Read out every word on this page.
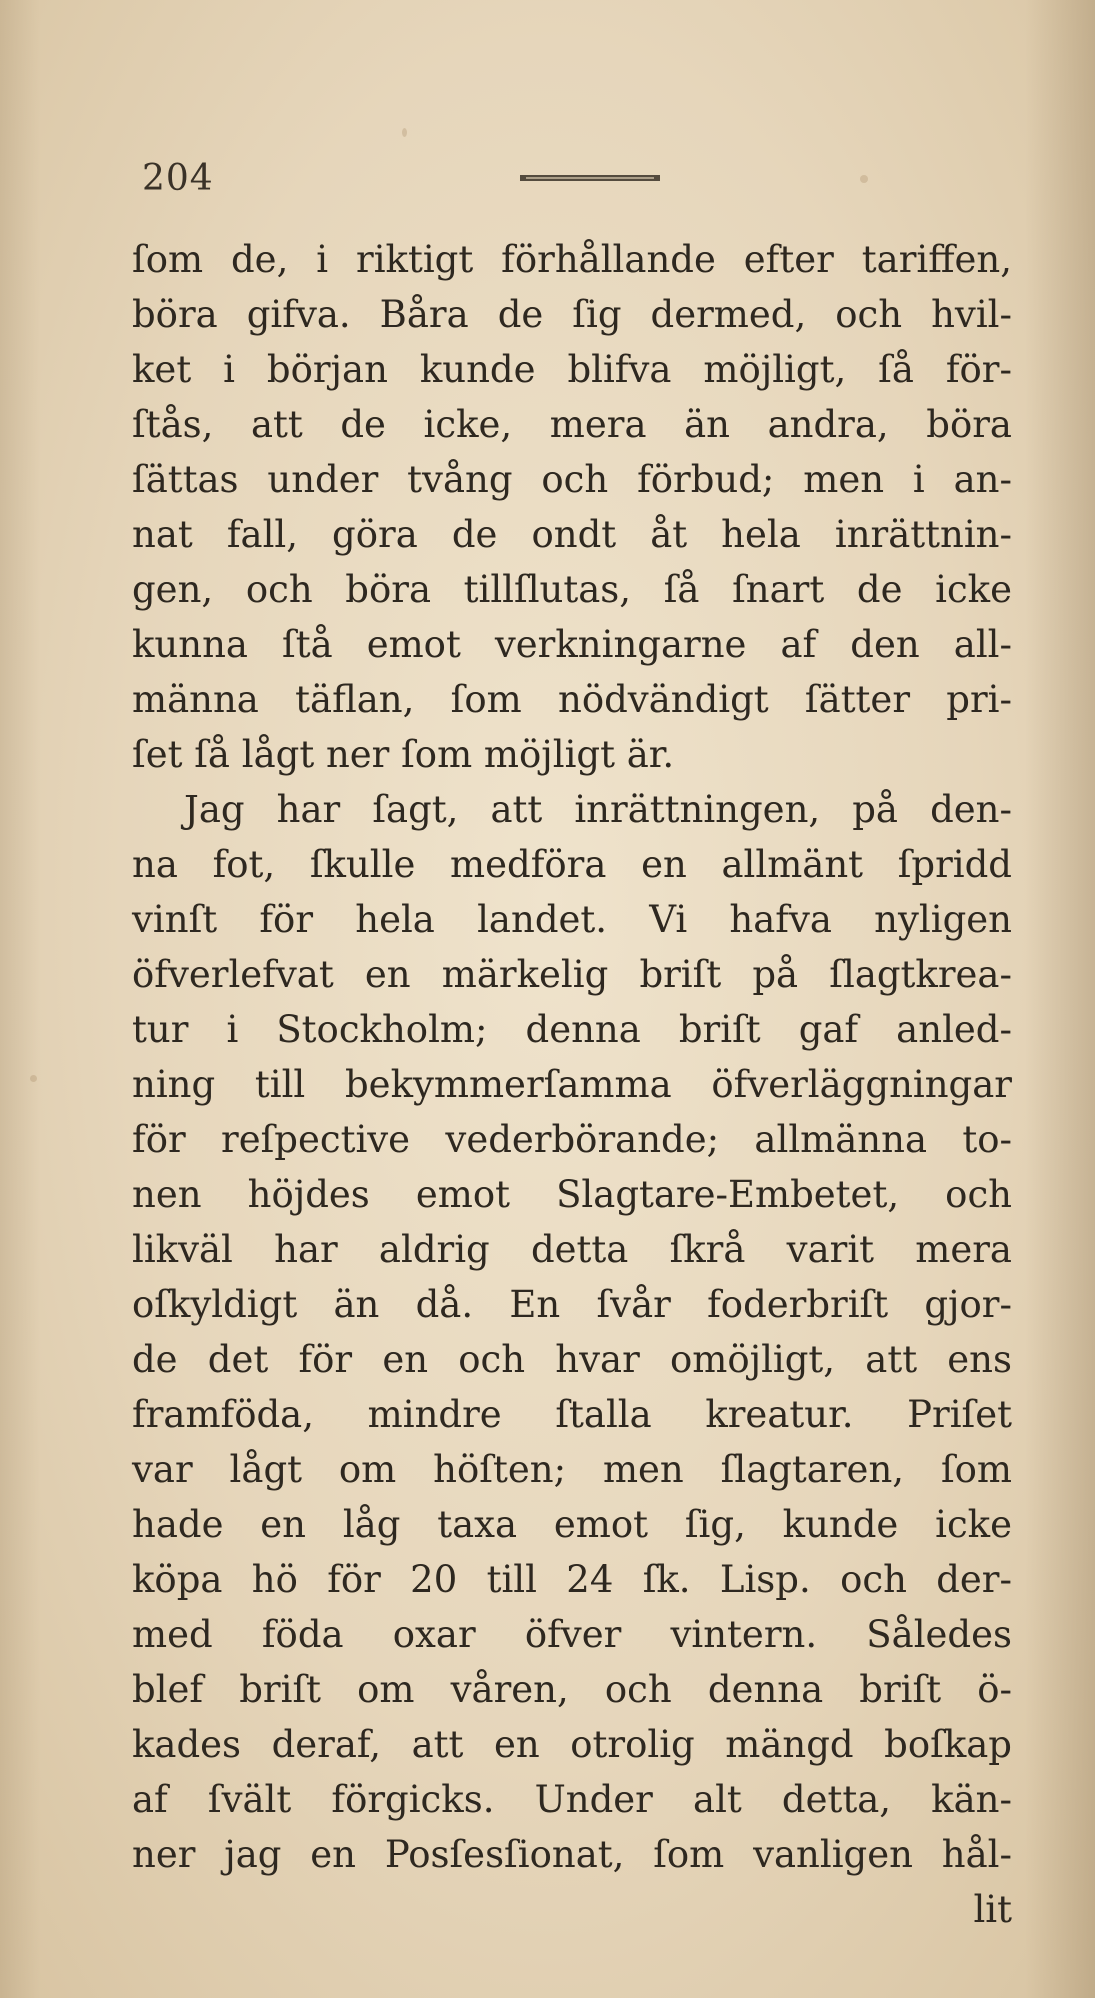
204
ſom de, i riktigt förhållande efter tariffen,
böra gifva. Båra de ſig dermed, och hvil-
ket i början kunde blifva möjligt, ſå för-
ſtås, att de icke, mera än andra, böra
ſättas under tvång och förbud; men i an-
nat fall, göra de ondt åt hela inrättnin-
gen, och böra tillſlutas, ſå ſnart de icke
kunna ſtå emot verkningarne af den all-
männa täflan, ſom nödvändigt ſätter pri-
ſet ſå lågt ner ſom möjligt är.
Jag har ſagt, att inrättningen, på den-
na fot, ſkulle medföra en allmänt ſpridd
vinſt för hela landet. Vi hafva nyligen
öfverlefvat en märkelig briſt på ſlagtkrea-
tur i Stockholm; denna briſt gaf anled-
ning till bekymmerſamma öfverläggningar
för reſpective vederbörande; allmänna to-
nen höjdes emot Slagtare-Embetet, och
likväl har aldrig detta ſkrå varit mera
oſkyldigt än då. En ſvår foderbriſt gjor-
de det för en och hvar omöjligt, att ens
framföda, mindre ſtalla kreatur. Priſet
var lågt om höſten; men ſlagtaren, ſom
hade en låg taxa emot ſig, kunde icke
köpa hö för 20 till 24 ſk. Lisp. och der-
med föda oxar öfver vintern. Således
blef briſt om våren, och denna briſt ö-
kades deraf, att en otrolig mängd boſkap
af ſvält förgicks. Under alt detta, kän-
ner jag en Posſesſionat, ſom vanligen hål-
lit
